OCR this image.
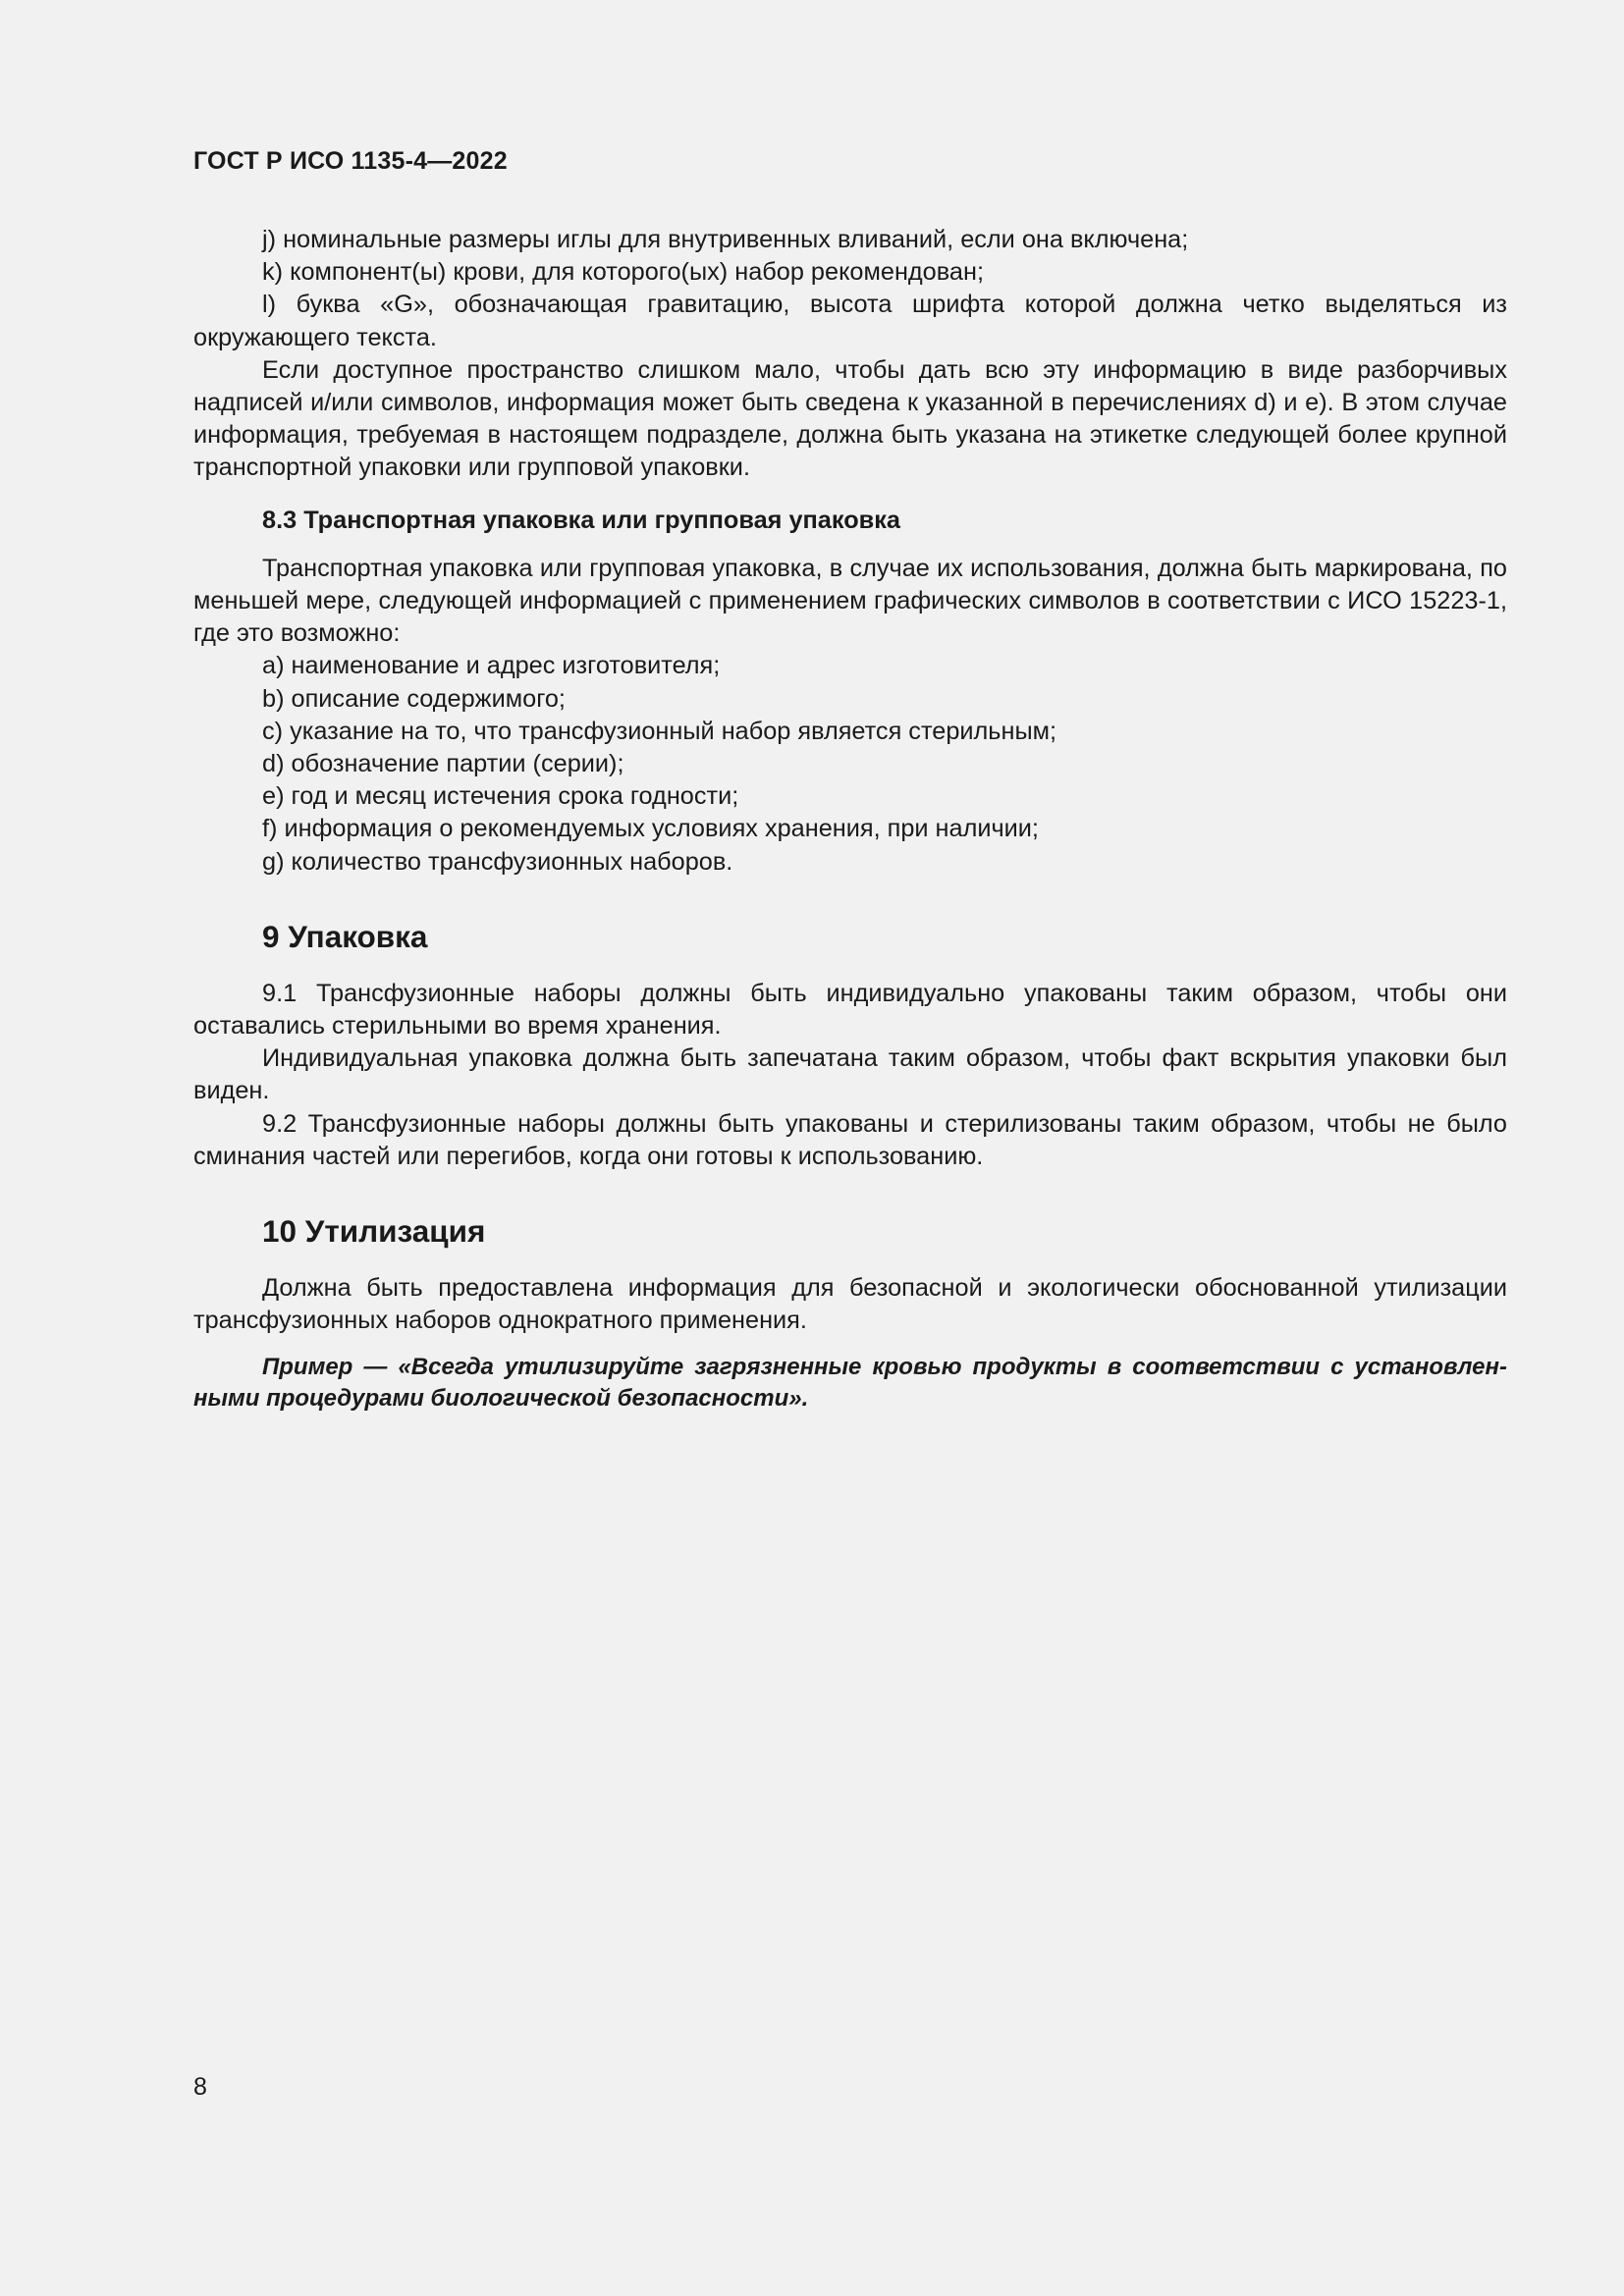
ГОСТ Р ИСО 1135-4—2022

j) номинальные размеры иглы для внутривенных вливаний, если она включена;

k) компонент(ы) крови, для которого(ых) набор рекомендован;

l) буква «G», обозначающая гравитацию, высота шрифта которой должна четко выделяться из окружающего текста.

Если доступное пространство слишком мало, чтобы дать всю эту информацию в виде разборчивых надписей и/или символов, информация может быть сведена к указанной в перечислениях d) и е). В этом случае информация, требуемая в настоящем подразделе, должна быть указана на этикетке следующей более крупной транспортной упаковки или групповой упаковки.

8.3 Транспортная упаковка или групповая упаковка

Транспортная упаковка или групповая упаковка, в случае их использования, должна быть маркирована, по меньшей мере, следующей информацией с применением графических символов в соответствии с ИСО 15223-1, где это возможно:

a) наименование и адрес изготовителя;

b) описание содержимого;

c) указание на то, что трансфузионный набор является стерильным;

d) обозначение партии (серии);

e) год и месяц истечения срока годности;

f) информация о рекомендуемых условиях хранения, при наличии;

g) количество трансфузионных наборов.

9 Упаковка

9.1 Трансфузионные наборы должны быть индивидуально упакованы таким образом, чтобы они оставались стерильными во время хранения.

Индивидуальная упаковка должна быть запечатана таким образом, чтобы факт вскрытия упаковки был виден.

9.2 Трансфузионные наборы должны быть упакованы и стерилизованы таким образом, чтобы не было сминания частей или перегибов, когда они готовы к использованию.

10 Утилизация

Должна быть предоставлена информация для безопасной и экологически обоснованной утилизации трансфузионных наборов однократного применения.

Пример — «Всегда утилизируйте загрязненные кровью продукты в соответствии с установленными процедурами биологической безопасности».

8
